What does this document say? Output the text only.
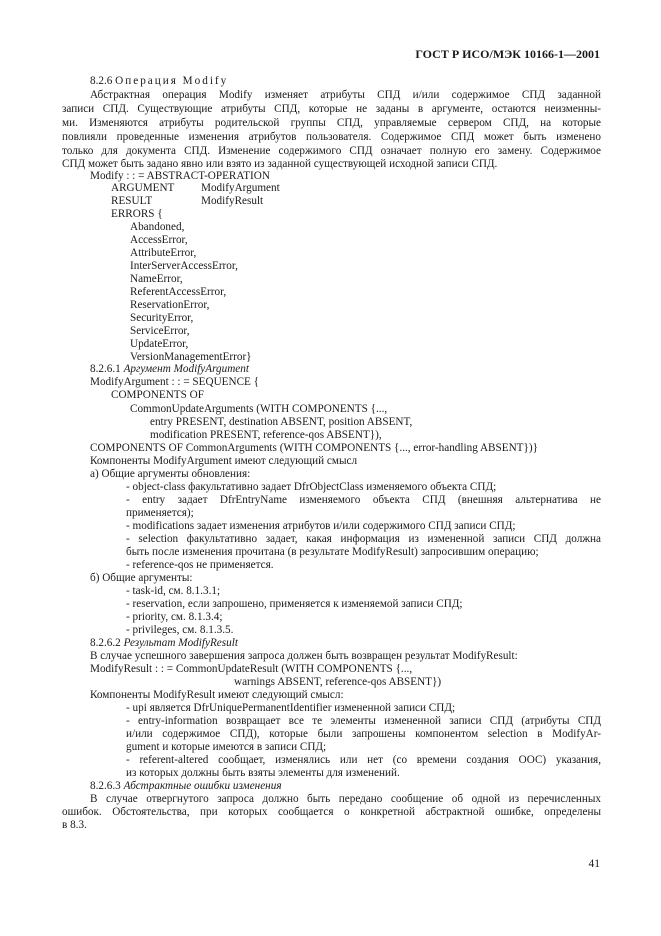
ГОСТ Р ИСО/МЭК 10166-1—2001
8.2.6 Операция Modify
Абстрактная операция Modify изменяет атрибуты СПД и/или содержимое СПД заданной
записи СПД. Существующие атрибуты СПД, которые не заданы в аргументе, остаются неизменны-
ми. Изменяются атрибуты родительской группы СПД, управляемые сервером СПД, на которые
повлияли проведенные изменения атрибутов пользователя. Содержимое СПД может быть изменено
только для документа СПД. Изменение содержимого СПД означает полную его замену. Содержимое
СПД может быть задано явно или взято из заданной существующей исходной записи СПД.
Modify : : = ABSTRACT-OPERATION
ARGUMENT ModifyArgument
RESULT	ModifyResult
ERRORS {
Abandoned,
AccessError,
AttributeError,
InterServerAccessError,
NameError,
ReferentAccessError,
ReservationError,
SecurityError,
ServiceError,
UpdateError,
VersionManagementError}
8.2.6.1 Аргумент ModifyArgument
ModifyArgument : : = SEQUENCE {
COMPONENTS OF
CommonUpdateArguments (WITH COMPONENTS {...,
entry PRESENT, destination ABSENT, position ABSENT,
modification PRESENT, reference-qos ABSENT}),
COMPONENTS OF CommonArguments (WITH COMPONENTS {..., error-handling ABSENT})}
Компоненты ModifyArgument имеют следующий смысл
а) Общие аргументы обновления:
- object-class факультативно задает DfrObjectClass изменяемого объекта СПД;
- entry задает DfrEntryName изменяемого объекта СПД (внешняя альтернатива не
применяется);
- modifications задает изменения атрибутов и/или содержимого СПД записи СПД;
- selection факультативно задает, какая информация из измененной записи СПД должна
быть после изменения прочитана (в результате ModifyResult) запросившим операцию;
- reference-qos не применяется.
б) Общие аргументы:
- task-id, см. 8.1.3.1;
- reservation, если запрошено, применяется к изменяемой записи СПД;
- priority, см. 8.1.3.4;
- privileges, см. 8.1.3.5.
8.2.6.2 Результат ModifyResult
В случае успешного завершения запроса должен быть возвращен результат ModifyResult:
ModifyResult : : = CommonUpdateResult (WITH COMPONENTS {...,
warnings ABSENT, reference-qos ABSENT})
Компоненты ModifyResult имеют следующий смысл:
- upi является DfrUniquePermanentIdentifier измененной записи СПД;
- entry-information возвращает все те элементы измененной записи СПД (атрибуты СПД
и/или содержимое СПД), которые были запрошены компонентом selection в ModifyAr-
gument и которые имеются в записи СПД;
- referent-altered сообщает, изменялись или нет (со времени создания ООС) указания,
из которых должны быть взяты элементы для изменений.
8.2.6.3 Абстрактные ошибки изменения
В случае отвергнутого запроса должно быть передано сообщение об одной из перечисленных
ошибок. Обстоятельства, при которых сообщается о конкретной абстрактной ошибке, определены
в 8.3.
41
